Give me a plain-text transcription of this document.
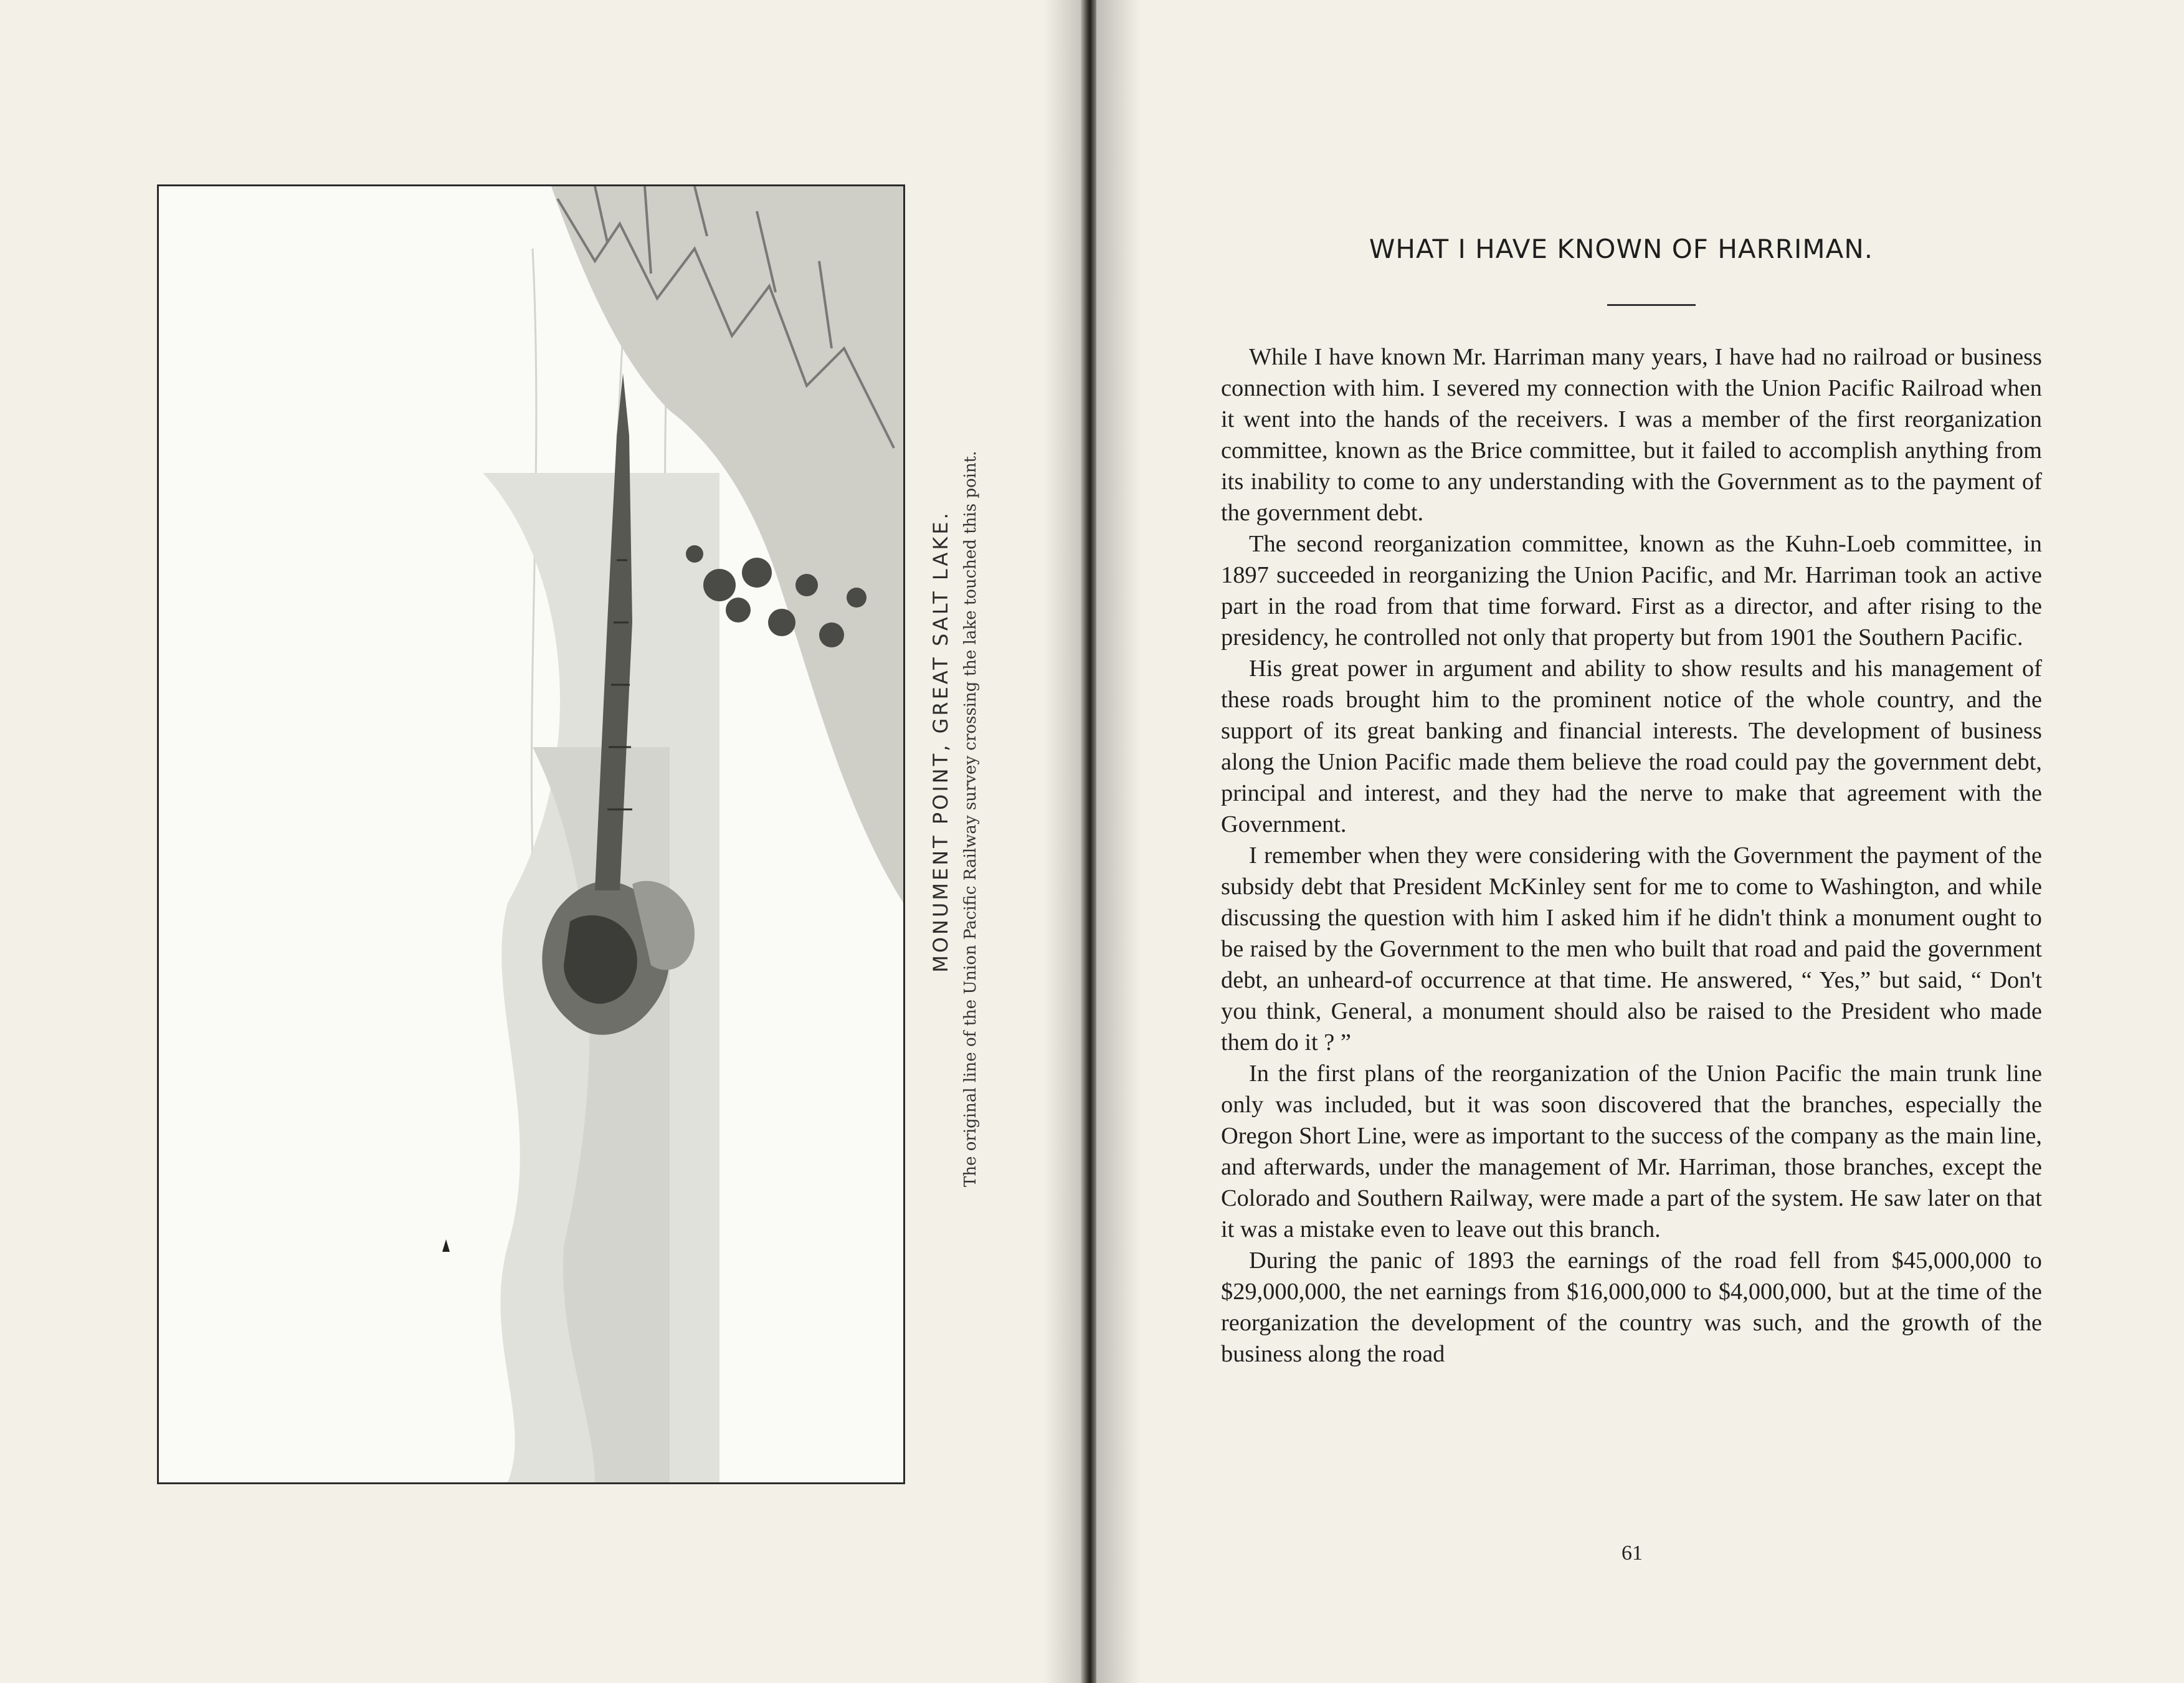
MONUMENT POINT, GREAT SALT LAKE. The original line of the Union Pacific Railway survey crossing the lake touched this point.
WHAT I HAVE KNOWN OF HARRIMAN.

While I have known Mr. Harriman many years, I have had no railroad or business connection with him. I severed my connection with the Union Pacific Railroad when it went into the hands of the receivers. I was a member of the first reorganization committee, known as the Brice committee, but it failed to accomplish anything from its inability to come to any understanding with the Government as to the payment of the government debt.

The second reorganization committee, known as the Kuhn-Loeb committee, in 1897 succeeded in reorganizing the Union Pacific, and Mr. Harriman took an active part in the road from that time forward. First as a director, and after rising to the presidency, he controlled not only that property but from 1901 the Southern Pacific.

His great power in argument and ability to show results and his management of these roads brought him to the prominent notice of the whole country, and the support of its great banking and financial interests. The development of business along the Union Pacific made them believe the road could pay the government debt, principal and interest, and they had the nerve to make that agreement with the Government.

I remember when they were considering with the Government the payment of the subsidy debt that President McKinley sent for me to come to Washington, and while discussing the question with him I asked him if he didn't think a monument ought to be raised by the Government to the men who built that road and paid the government debt, an unheard-of occurrence at that time. He answered, “ Yes,” but said, “ Don't you think, General, a monument should also be raised to the President who made them do it ? ”

In the first plans of the reorganization of the Union Pacific the main trunk line only was included, but it was soon discovered that the branches, especially the Oregon Short Line, were as important to the success of the company as the main line, and afterwards, under the management of Mr. Harriman, those branches, except the Colorado and Southern Railway, were made a part of the system. He saw later on that it was a mistake even to leave out this branch.

During the panic of 1893 the earnings of the road fell from $45,000,000 to $29,000,000, the net earnings from $16,000,000 to $4,000,000, but at the time of the reorganization the development of the country was such, and the growth of the business along the road

61
